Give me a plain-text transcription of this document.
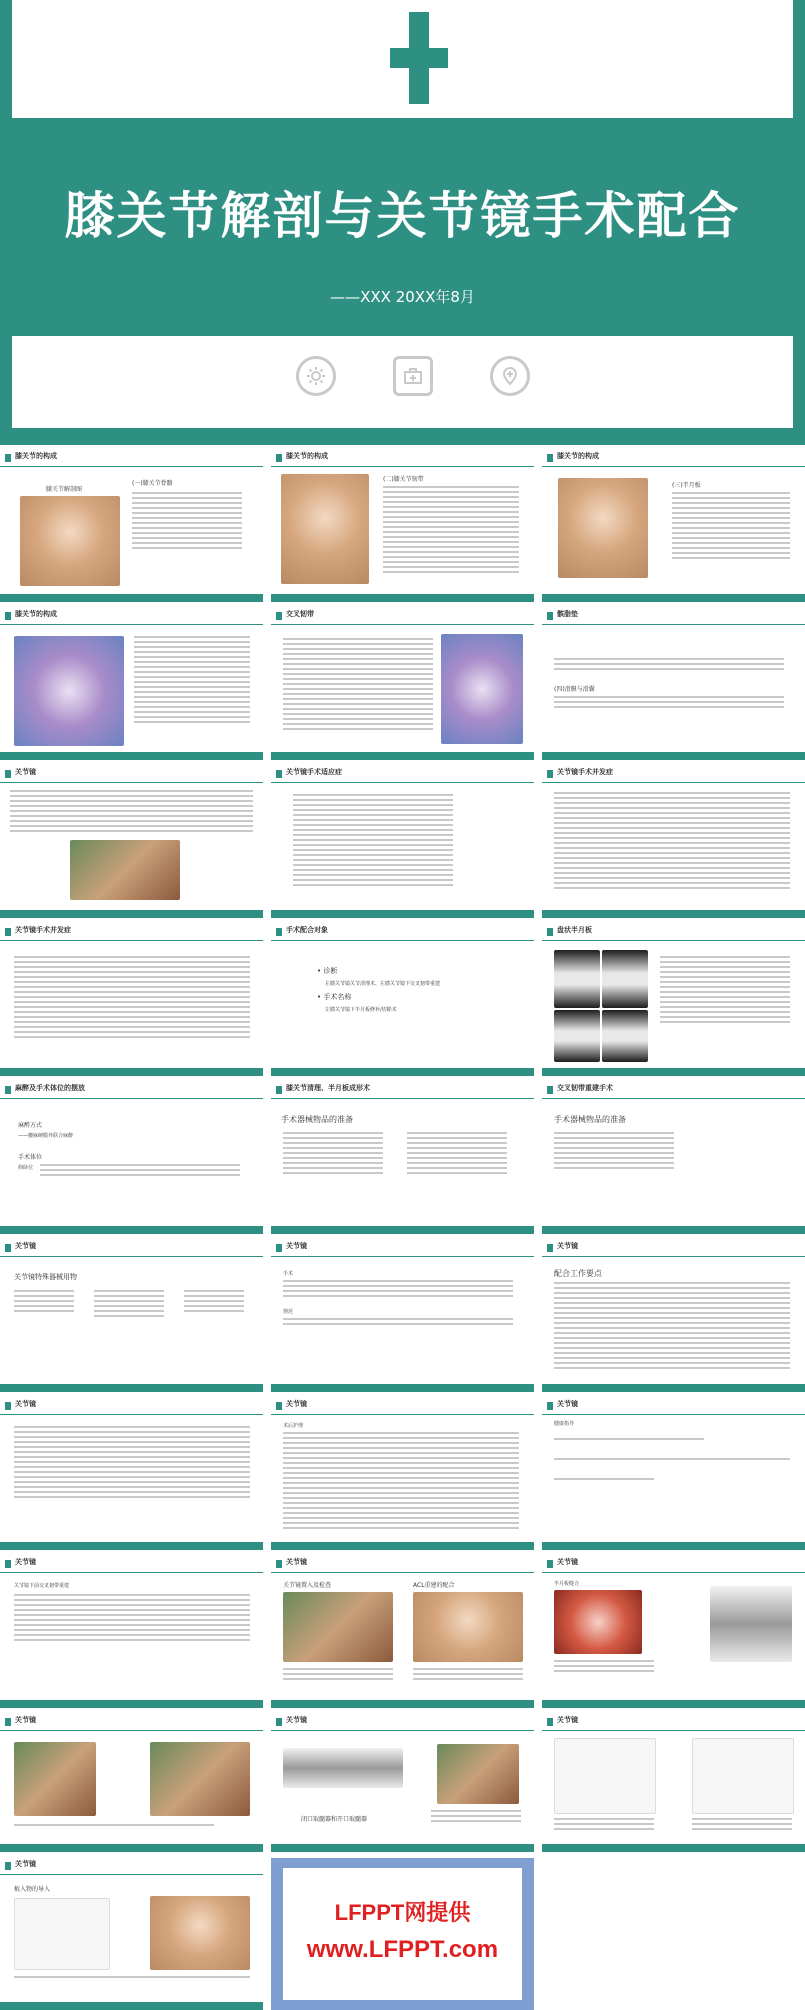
膝关节解剖与关节镜手术配合
——XXX 20XX年8月
膝关节的构成
膝关节解剖图
(一)膝关节骨骼
膝关节的构成
(二)膝关节韧带
膝关节的构成
(三)半月板
膝关节的构成	交叉韧带	髌脂垫
(四)滑膜与滑囊
关节镜	关节镜手术适应症	关节镜手术并发症
关节镜手术并发症	手术配合对象
• 诊断
左膝关节镜关节清理术、左膝关节镜下交叉韧带重建
• 手术名称
左膝关节镜下半月板修补/切除术
盘状半月板
麻醉及手术体位的摆放
麻醉方式
——腰麻硬膜外联合麻醉
手术体位
仰卧位
膝关节清理、半月板成形术
手术器械物品的准备
交叉韧带重建手术
手术器械物品的准备
关节镜
关节镜特殊器械用物
关节镜
手术
规范
关节镜
配合工作要点
关节镜	关节镜
术后护理
关节镜
健康指导
关节镜
关节镜下前交叉韧带重建
关节镜
关节镜置入及检查	ACL重建的配合
关节镜
半月板缝合
关节镜	关节镜
闭口取髓器和开口取髓器
关节镜
关节镜
植入物的导入
LFPPT网提供
www.LFPPT.com
